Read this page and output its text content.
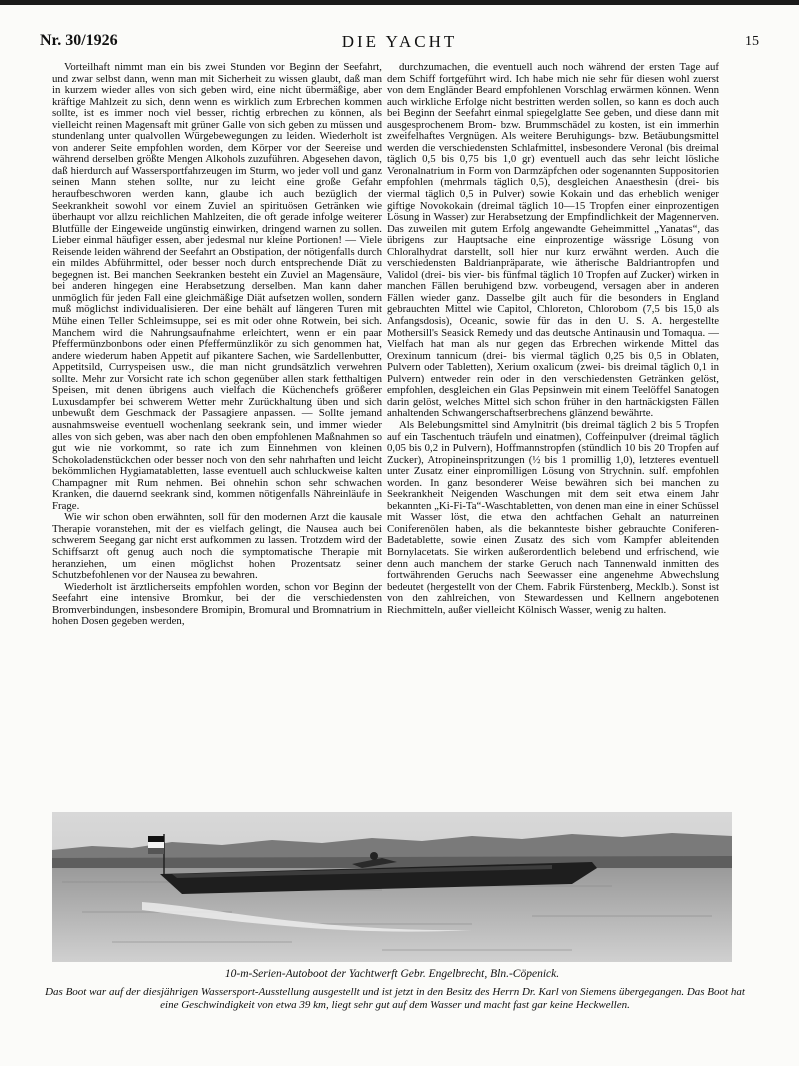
Nr. 30/1926	DIE YACHT	15

Vorteilhaft nimmt man ein bis zwei Stunden vor Beginn der Seefahrt, und zwar selbst dann, wenn man mit Sicherheit zu wissen glaubt, daß man in kurzem wieder alles von sich geben wird, eine nicht übermäßige, aber kräftige Mahlzeit zu sich, denn wenn es wirklich zum Erbrechen kommen sollte, ist es immer noch viel besser, richtig erbrechen zu können, als vielleicht reinen Magensaft mit grüner Galle von sich geben zu müssen und stundenlang unter qualvollen Würgebewegungen zu leiden. Wiederholt ist von anderer Seite empfohlen worden, dem Körper vor der Seereise und während derselben größte Mengen Alkohols zuzuführen. Abgesehen davon, daß hierdurch auf Wassersportfahrzeugen im Sturm, wo jeder voll und ganz seinen Mann stehen sollte, nur zu leicht eine große Gefahr heraufbeschworen werden kann, glaube ich auch bezüglich der Seekrankheit sowohl vor einem Zuviel an spirituösen Getränken wie überhaupt vor allzu reichlichen Mahlzeiten, die oft gerade infolge weiterer Blutfülle der Eingeweide ungünstig einwirken, dringend warnen zu sollen. Lieber einmal häufiger essen, aber jedesmal nur kleine Portionen! — Viele Reisende leiden während der Seefahrt an Obstipation, der nötigenfalls durch ein mildes Abführmittel, oder besser noch durch entsprechende Diät zu begegnen ist. Bei manchen Seekranken besteht ein Zuviel an Magensäure, bei anderen hingegen eine Herabsetzung derselben. Man kann daher unmöglich für jeden Fall eine gleichmäßige Diät aufsetzen wollen, sondern muß möglichst individualisieren. Der eine behält auf längeren Turen mit Mühe einen Teller Schleimsuppe, sei es mit oder ohne Rotwein, bei sich. Manchem wird die Nahrungsaufnahme erleichtert, wenn er ein paar Pfeffermünzbonbons oder einen Pfeffermünzlikör zu sich genommen hat, andere wiederum haben Appetit auf pikantere Sachen, wie Sardellenbutter, Appetitsild, Curryspeisen usw., die man nicht grundsätzlich verwehren sollte. Mehr zur Vorsicht rate ich schon gegenüber allen stark fetthaltigen Speisen, mit denen übrigens auch vielfach die Küchenchefs größerer Luxusdampfer bei schwerem Wetter mehr Zurückhaltung üben und sich unbewußt dem Geschmack der Passagiere anpassen. — Sollte jemand ausnahmsweise eventuell wochenlang seekrank sein, und immer wieder alles von sich geben, was aber nach den oben empfohlenen Maßnahmen so gut wie nie vorkommt, so rate ich zum Einnehmen von kleinen Schokoladenstückchen oder besser noch von den sehr nahrhaften und leicht bekömmlichen Hygiamatabletten, lasse eventuell auch schluckweise kalten Champagner mit Rum nehmen. Bei ohnehin schon sehr schwachen Kranken, die dauernd seekrank sind, kommen nötigenfalls Nähreinläufe in Frage.

Wie wir schon oben erwähnten, soll für den modernen Arzt die kausale Therapie voranstehen, mit der es vielfach gelingt, die Nausea auch bei schwerem Seegang gar nicht erst aufkommen zu lassen. Trotzdem wird der Schiffsarzt oft genug auch noch die symptomatische Therapie mit heranziehen, um einen möglichst hohen Prozentsatz seiner Schutzbefohlenen vor der Nausea zu bewahren.

Wiederholt ist ärztlicherseits empfohlen worden, schon vor Beginn der Seefahrt eine intensive Bromkur, bei der die verschiedensten Bromverbindungen, insbesondere Bromipin, Bromural und Bromnatrium in hohen Dosen gegeben werden,

durchzumachen, die eventuell auch noch während der ersten Tage auf dem Schiff fortgeführt wird. Ich habe mich nie sehr für diesen wohl zuerst von dem Engländer Beard empfohlenen Vorschlag erwärmen können. Wenn auch wirkliche Erfolge nicht bestritten werden sollen, so kann es doch auch bei Beginn der Seefahrt einmal spiegelglatte See geben, und diese dann mit ausgesprochenem Brom- bzw. Brummschädel zu kosten, ist ein immerhin zweifelhaftes Vergnügen. Als weitere Beruhigungs- bzw. Betäubungsmittel werden die verschiedensten Schlafmittel, insbesondere Veronal (bis dreimal täglich 0,5 bis 0,75 bis 1,0 gr) eventuell auch das sehr leicht lösliche Veronalnatrium in Form von Darmzäpfchen oder sogenannten Suppositorien empfohlen (mehrmals täglich 0,5), desgleichen Anaesthesin (drei- bis viermal täglich 0,5 in Pulver) sowie Kokain und das erheblich weniger giftige Novokokain (dreimal täglich 10—15 Tropfen einer einprozentigen Lösung in Wasser) zur Herabsetzung der Empfindlichkeit der Magennerven. Das zuweilen mit gutem Erfolg angewandte Geheimmittel „Yanatas“, das übrigens zur Hauptsache eine einprozentige wässrige Lösung von Chloralhydrat darstellt, soll hier nur kurz erwähnt werden. Auch die verschiedensten Baldrianpräparate, wie ätherische Baldriantropfen und Validol (drei- bis vier- bis fünfmal täglich 10 Tropfen auf Zucker) wirken in manchen Fällen beruhigend bzw. vorbeugend, versagen aber in anderen Fällen wieder ganz. Dasselbe gilt auch für die besonders in England gebrauchten Mittel wie Capitol, Chloreton, Chlorobom (7,5 bis 15,0 als Anfangsdosis), Oceanic, sowie für das in den U. S. A. hergestellte Mothersill's Seasick Remedy und das deutsche Antinausin und Tomaqua. — Vielfach hat man als nur gegen das Erbrechen wirkende Mittel das Orexinum tannicum (drei- bis viermal täglich 0,25 bis 0,5 in Oblaten, Pulvern oder Tabletten), Xerium oxalicum (zwei- bis dreimal täglich 0,1 in Pulvern) entweder rein oder in den verschiedensten Getränken gelöst, empfohlen, desgleichen ein Glas Pepsinwein mit einem Teelöffel Sanatogen darin gelöst, welches Mittel sich schon früher in den hartnäckigsten Fällen anhaltenden Schwangerschaftserbrechens glänzend bewährte.

Als Belebungsmittel sind Amylnitrit (bis dreimal täglich 2 bis 5 Tropfen auf ein Taschentuch träufeln und einatmen), Coffeinpulver (dreimal täglich 0,05 bis 0,2 in Pulvern), Hoffmannstropfen (stündlich 10 bis 20 Tropfen auf Zucker), Atropineinspritzungen (½ bis 1 promillig 1,0), letzteres eventuell unter Zusatz einer einpromilligen Lösung von Strychnin. sulf. empfohlen worden. In ganz besonderer Weise bewähren sich bei manchen zu Seekrankheit Neigenden Waschungen mit dem seit etwa einem Jahr bekannten „Ki-Fi-Ta“-Waschtabletten, von denen man eine in einer Schüssel mit Wasser löst, die etwa den achtfachen Gehalt an naturreinen Coniferenölen haben, als die bekannteste bisher gebrauchte Coniferen-Badetablette, sowie einen Zusatz des sich vom Kampfer ableitenden Bornylacetats. Sie wirken außerordentlich belebend und erfrischend, wie denn auch manchem der starke Geruch nach Tannenwald inmitten des fortwährenden Geruchs nach Seewasser eine angenehme Abwechslung bedeutet (hergestellt von der Chem. Fabrik Fürstenberg, Mecklb.). Sonst ist von den zahlreichen, von Stewardessen und Kellnern angebotenen Riechmitteln, außer vielleicht Kölnisch Wasser, wenig zu halten.

10-m-Serien-Autoboot der Yachtwerft Gebr. Engelbrecht, Bln.-Cöpenick.
Das Boot war auf der diesjährigen Wassersport-Ausstellung ausgestellt und ist jetzt in den Besitz des Herrn Dr. Karl von Siemens übergegangen. Das Boot hat eine Geschwindigkeit von etwa 39 km, liegt sehr gut auf dem Wasser und macht fast gar keine Heckwellen.
